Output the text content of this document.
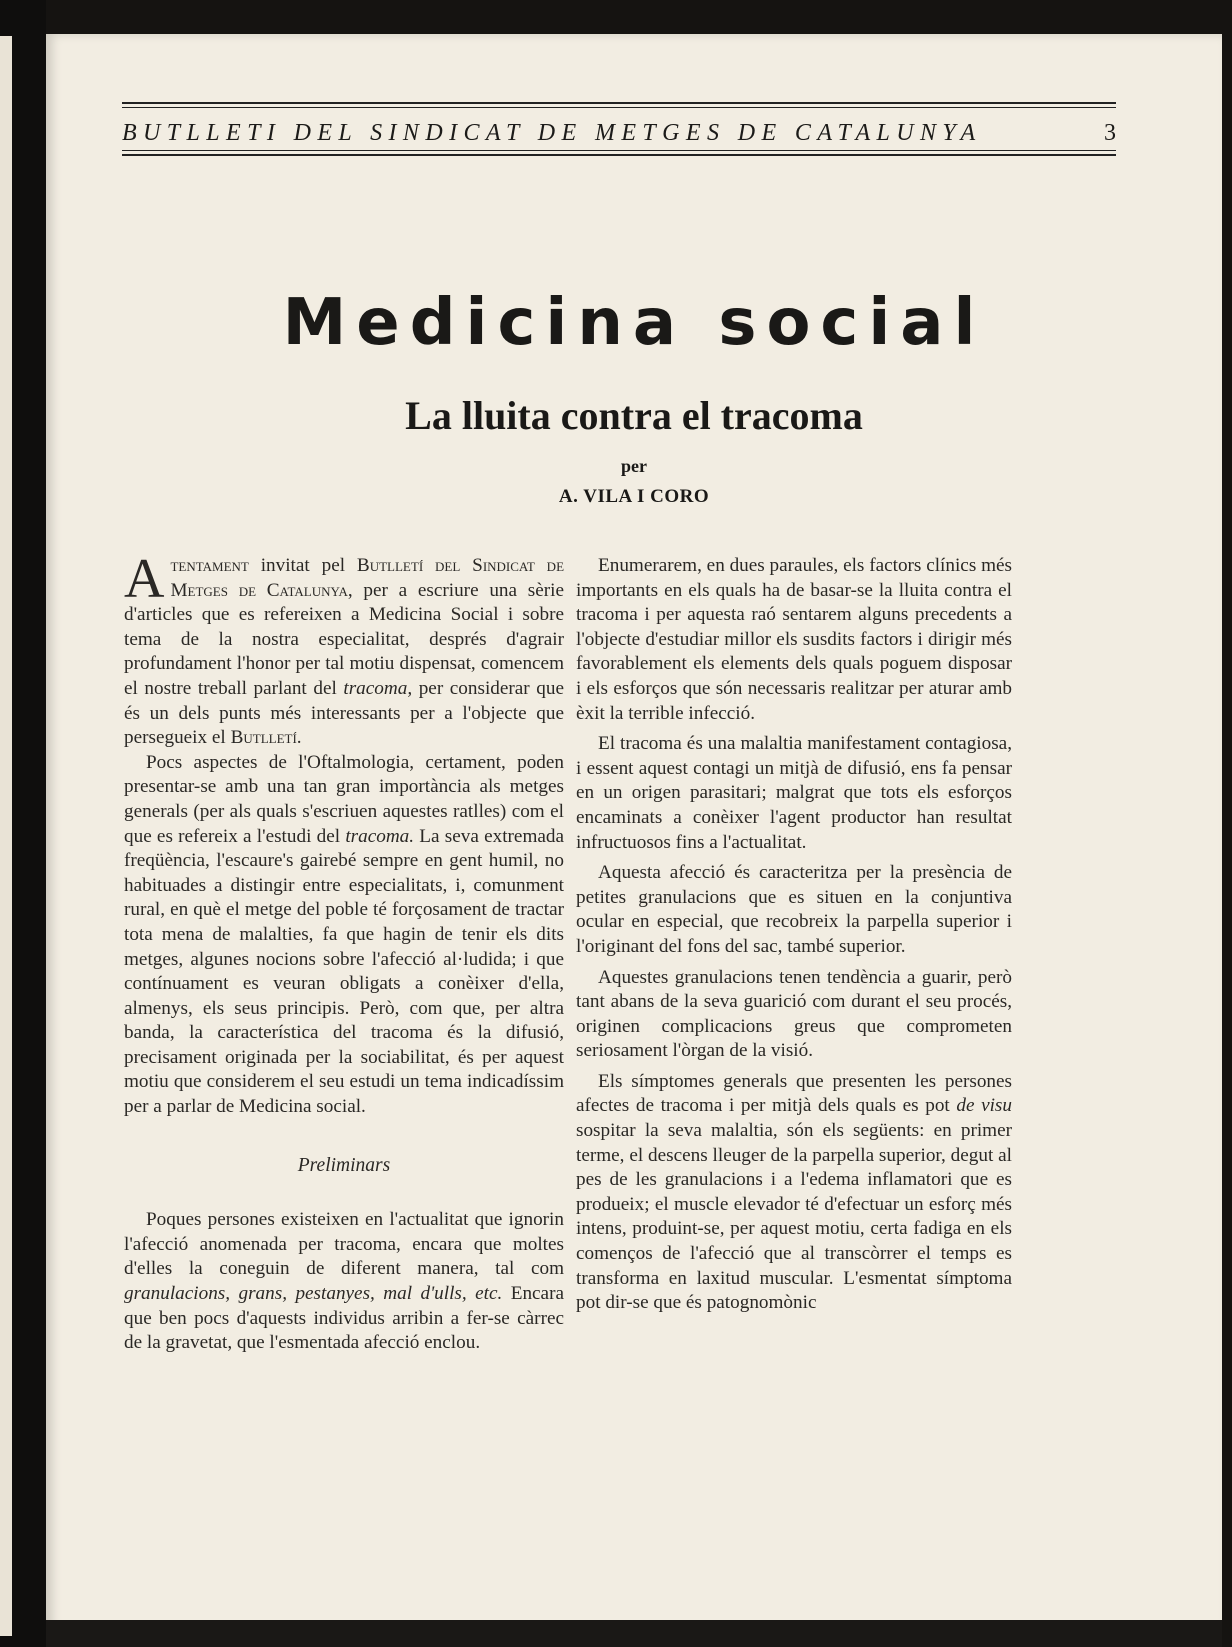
BUTLLETI DEL SINDICAT DE METGES DE CATALUNYA	3
Medicina social
La lluita contra el tracoma
per
A. VILA I CORO

Atentament invitat pel Butlletí del Sindicat de Metges de Catalunya, per a escriure una sèrie d'articles que es refereixen a Medicina Social i sobre tema de la nostra especialitat, després d'agrair profundament l'honor per tal motiu dispensat, comencem el nostre treball parlant del tracoma, per considerar que és un dels punts més interessants per a l'objecte que persegueix el Butlletí.

Pocs aspectes de l'Oftalmologia, certament, poden presentar-se amb una tan gran importància als metges generals (per als quals s'escriuen aquestes ratlles) com el que es refereix a l'estudi del tracoma. La seva extremada freqüència, l'escaure's gairebé sempre en gent humil, no habituades a distingir entre especialitats, i, comunment rural, en què el metge del poble té forçosament de tractar tota mena de malalties, fa que hagin de tenir els dits metges, algunes nocions sobre l'afecció al·ludida; i que contínuament es veuran obligats a conèixer d'ella, almenys, els seus principis. Però, com que, per altra banda, la característica del tracoma és la difusió, precisament originada per la sociabilitat, és per aquest motiu que considerem el seu estudi un tema indicadíssim per a parlar de Medicina social.

Preliminars

Poques persones existeixen en l'actualitat que ignorin l'afecció anomenada per tracoma, encara que moltes d'elles la coneguin de diferent manera, tal com granulacions, grans, pestanyes, mal d'ulls, etc. Encara que ben pocs d'aquests individus arribin a fer-se càrrec de la gravetat, que l'esmentada afecció enclou.

Enumerarem, en dues paraules, els factors clínics més importants en els quals ha de basar-se la lluita contra el tracoma i per aquesta raó sentarem alguns precedents a l'objecte d'estudiar millor els susdits factors i dirigir més favorablement els elements dels quals poguem disposar i els esforços que són necessaris realitzar per aturar amb èxit la terrible infecció.

El tracoma és una malaltia manifestament contagiosa, i essent aquest contagi un mitjà de difusió, ens fa pensar en un origen parasitari; malgrat que tots els esforços encaminats a conèixer l'agent productor han resultat infructuosos fins a l'actualitat.

Aquesta afecció és caracteritza per la presència de petites granulacions que es situen en la conjuntiva ocular en especial, que recobreix la parpella superior i l'originant del fons del sac, també superior.

Aquestes granulacions tenen tendència a guarir, però tant abans de la seva guarició com durant el seu procés, originen complicacions greus que comprometen seriosament l'òrgan de la visió.

Els símptomes generals que presenten les persones afectes de tracoma i per mitjà dels quals es pot de visu sospitar la seva malaltia, són els següents: en primer terme, el descens lleuger de la parpella superior, degut al pes de les granulacions i a l'edema inflamatori que es produeix; el muscle elevador té d'efectuar un esforç més intens, produint-se, per aquest motiu, certa fadiga en els començos de l'afecció que al transcòrrer el temps es transforma en laxitud muscular. L'esmentat símptoma pot dir-se que és patognomònic
